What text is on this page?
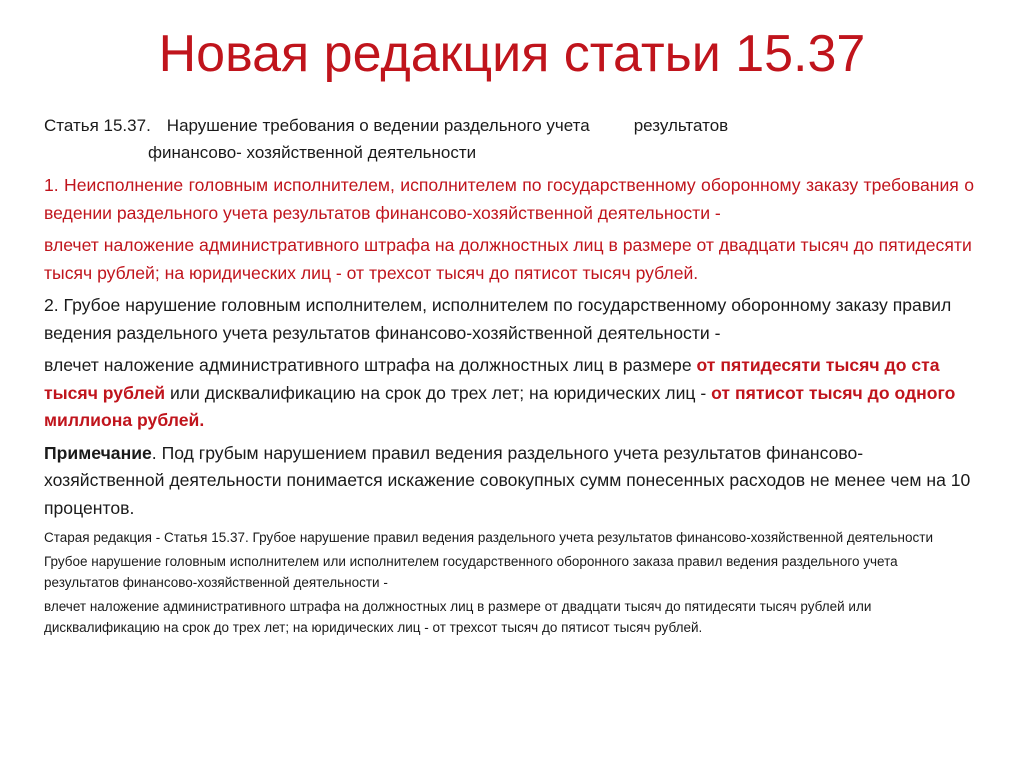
Новая редакция статьи 15.37

Статья 15.37. Нарушение требования о ведении раздельного учета	результатов
финансово- хозяйственной деятельности

1. Неисполнение головным исполнителем, исполнителем по государственному оборонному заказу требования о ведении раздельного учета результатов финансово-хозяйственной деятельности -

влечет наложение административного штрафа на должностных лиц в размере от двадцати тысяч до пятидесяти тысяч рублей; на юридических лиц - от трехсот тысяч до пятисот тысяч рублей.

2. Грубое нарушение головным исполнителем, исполнителем по государственному оборонному заказу правил ведения раздельного учета результатов финансово-хозяйственной деятельности -

влечет наложение административного штрафа на должностных лиц в размере от пятидесяти тысяч до ста тысяч рублей или дисквалификацию на срок до трех лет; на юридических лиц - от пятисот тысяч до одного миллиона рублей.

Примечание. Под грубым нарушением правил ведения раздельного учета результатов финансово-хозяйственной деятельности понимается искажение совокупных сумм понесенных расходов не менее чем на 10 процентов.

Старая редакция - Статья 15.37. Грубое нарушение правил ведения раздельного учета результатов финансово-хозяйственной деятельности

Грубое нарушение головным исполнителем или исполнителем государственного оборонного заказа правил ведения раздельного учета результатов финансово-хозяйственной деятельности -

влечет наложение административного штрафа на должностных лиц в размере от двадцати тысяч до пятидесяти тысяч рублей или дисквалификацию на срок до трех лет; на юридических лиц - от трехсот тысяч до пятисот тысяч рублей.
